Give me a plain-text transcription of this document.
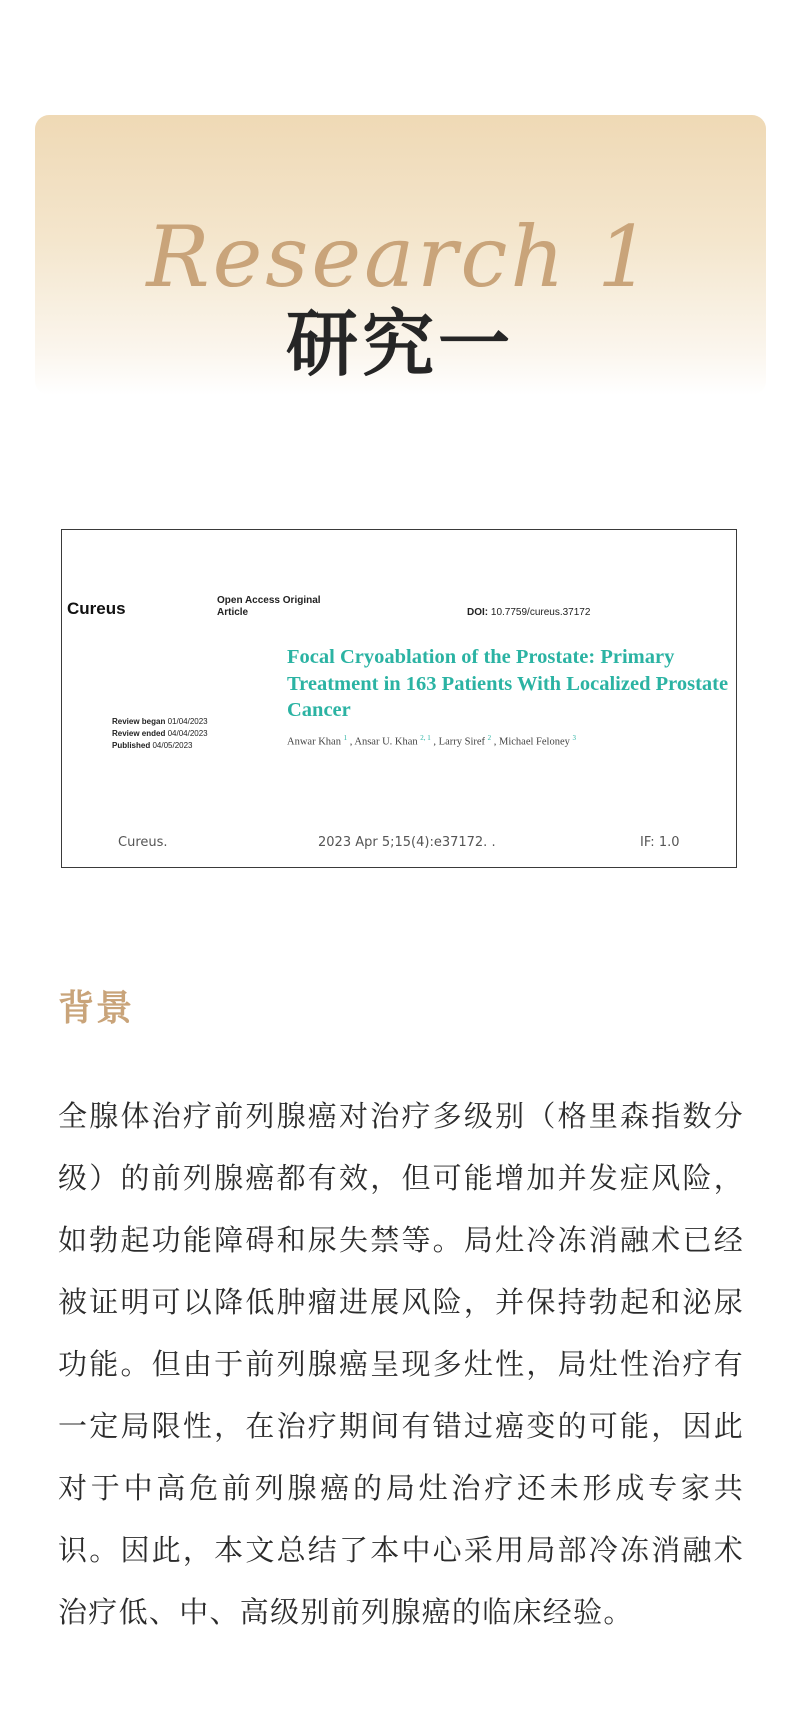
Research 1
研究一
Cureus	Open Access Original Article	DOI: 10.7759/cureus.37172
Focal Cryoablation of the Prostate: Primary Treatment in 163 Patients With Localized Prostate Cancer
Review began 01/04/2023
Review ended 04/04/2023
Published 04/05/2023	Anwar Khan $^1$ , Ansar U. Khan $^{2, 1}$ , Larry Siref $^2$ , Michael Feloney $^3$
Cureus.	2023 Apr 5;15(4):e37172. .	IF: 1.0
背景

全腺体治疗前列腺癌对治疗多级别（格里森指数分级）的前列腺癌都有效，但可能增加并发症风险，如勃起功能障碍和尿失禁等。局灶冷冻消融术已经被证明可以降低肿瘤进展风险，并保持勃起和泌尿功能。但由于前列腺癌呈现多灶性，局灶性治疗有一定局限性，在治疗期间有错过癌变的可能，因此对于中高危前列腺癌的局灶治疗还未形成专家共识。因此，本文总结了本中心采用局部冷冻消融术治疗低、中、高级别前列腺癌的临床经验。
